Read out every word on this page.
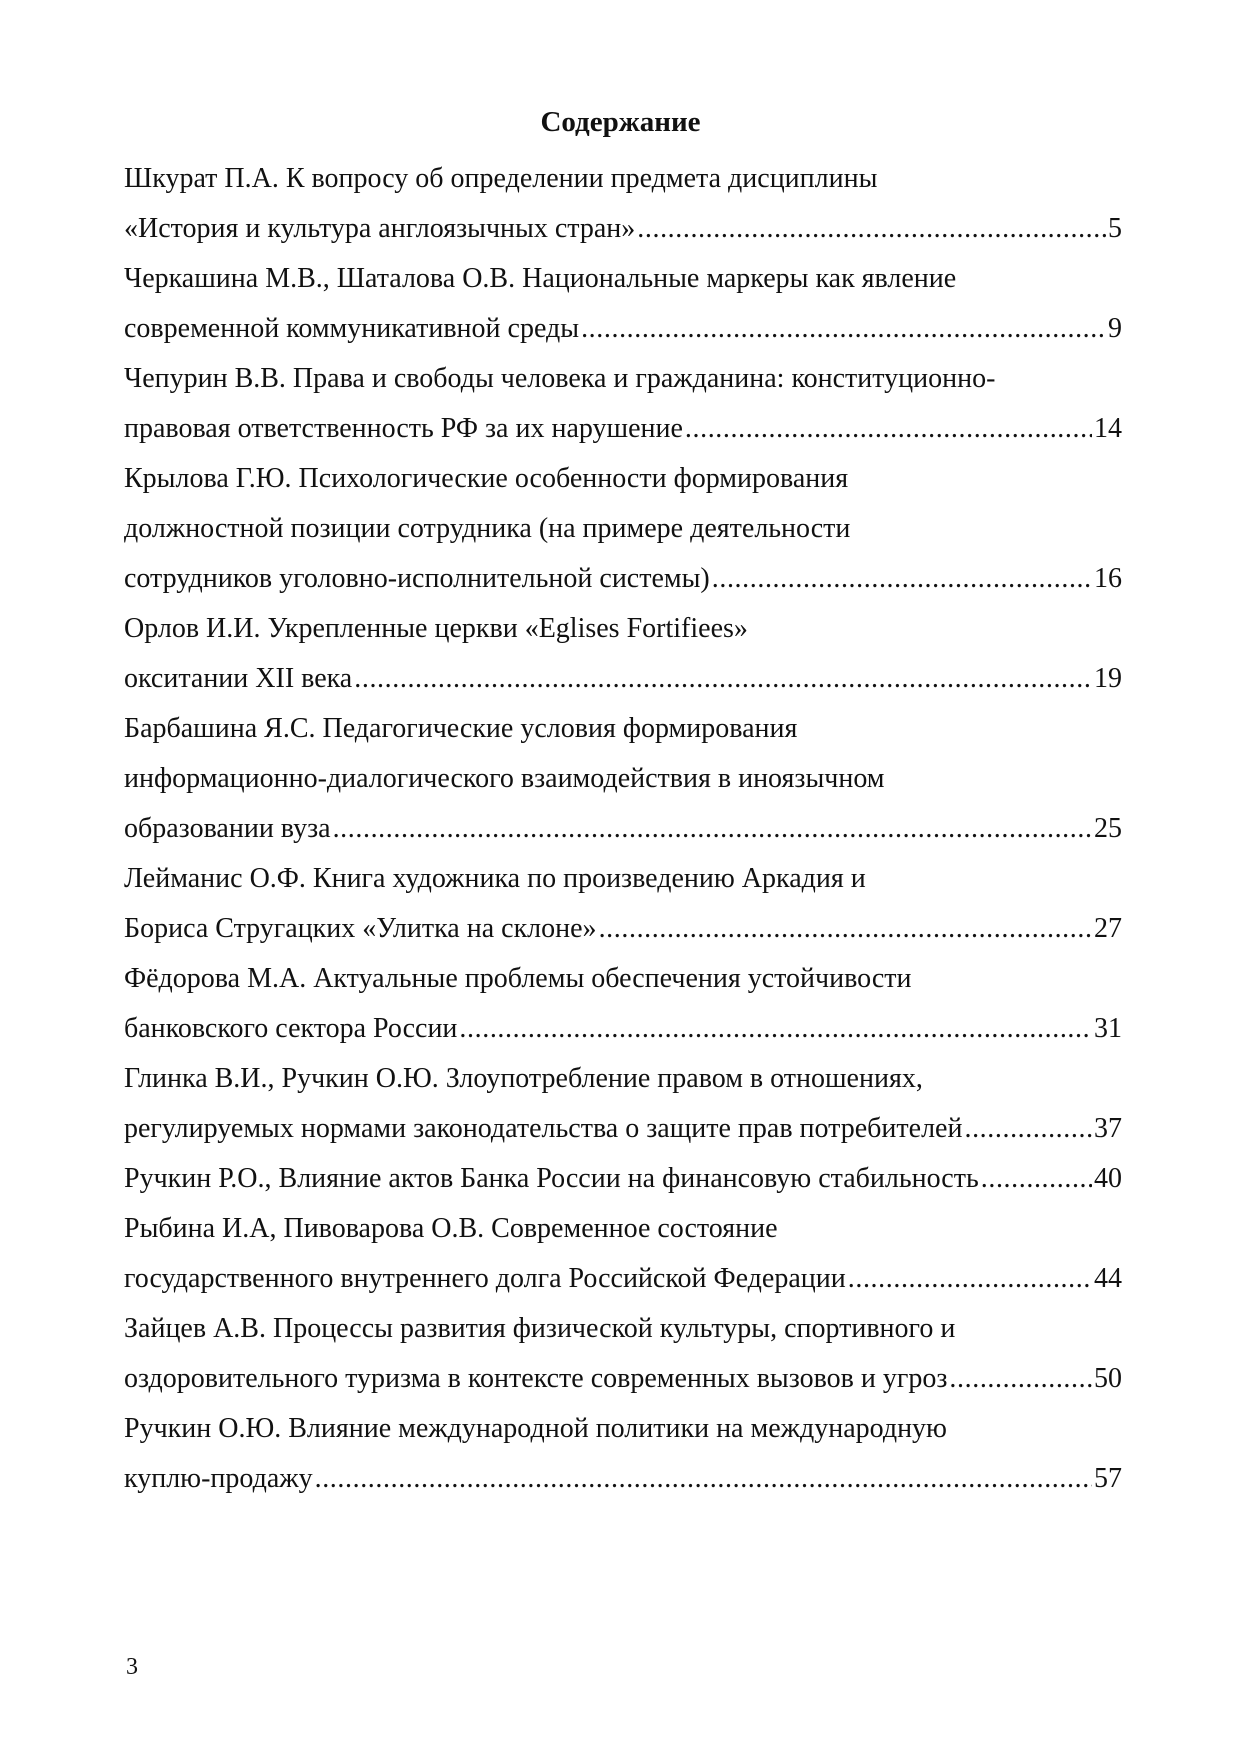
Содержание
Шкурат П.А. К вопросу об определении предмета дисциплины
«История и культура англоязычных стран» . . .	5
Черкашина М.В., Шаталова О.В. Национальные маркеры как явление
современной коммуникативной среды . . .	9
Чепурин В.В. Права и свободы человека и гражданина: конституционно-
правовая ответственность РФ за их нарушение . . .	14
Крылова Г.Ю. Психологические особенности формирования
должностной позиции сотрудника (на примере деятельности
сотрудников уголовно-исполнительной системы) . . .	16
Орлов И.И. Укрепленные церкви «Eglises Fortifiees»
окситании XII века . . .	19
Барбашина Я.С. Педагогические условия формирования
информационно-диалогического взаимодействия в иноязычном
образовании вуза . . .	25
Лейманис О.Ф. Книга художника по произведению Аркадия и
Бориса Стругацких «Улитка на склоне» . . .	27
Фёдорова М.А. Актуальные проблемы обеспечения устойчивости
банковского сектора России . . .	31
Глинка В.И., Ручкин О.Ю. Злоупотребление правом в отношениях,
регулируемых нормами законодательства о защите прав потребителей . . .	37
Ручкин Р.О., Влияние актов Банка России на финансовую стабильность . . .	40
Рыбина И.А, Пивоварова О.В. Современное состояние
государственного внутреннего долга Российской Федерации . . .	44
Зайцев А.В. Процессы развития физической культуры, спортивного и
оздоровительного туризма в контексте современных вызовов и угроз . . .	50
Ручкин О.Ю. Влияние международной политики на международную
куплю-продажу . . .	57
3
